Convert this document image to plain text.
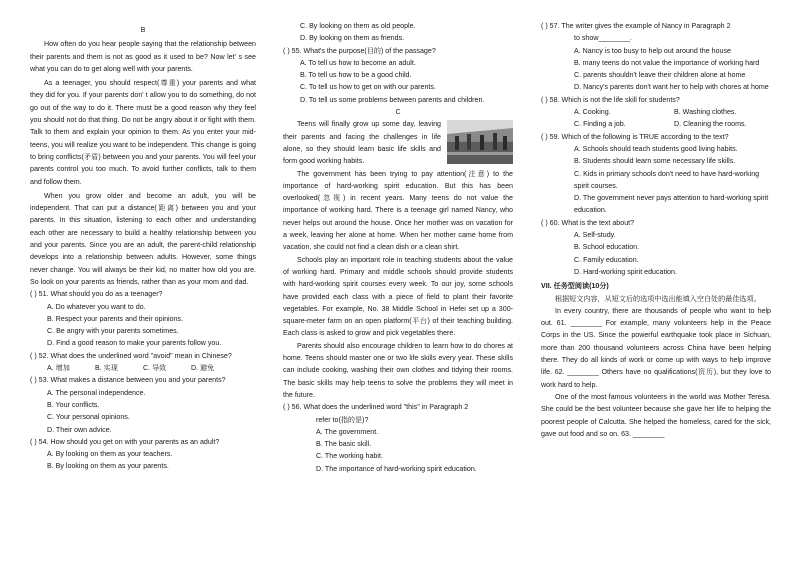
B
How often do you hear people saying that the relationship between their parents and them is not as good as it used to be? Now let' s see what you can do to get along well with your parents.
As a teenager, you should respect(尊重) your parents and what they did for you. If your parents don' t allow you to do something, do not go out of the way to do it. There must be a good reason why they feel you should not do that thing. Do not be angry about it or fight with them. Talk to them and explain your opinion to them. As you enter your mid-teens, you will realize you want to be independent. This change is going to bring conflicts(矛盾) between you and your parents. You will feel your parents control you too much. To avoid further conflicts, talk to them and follow them.
When you grow older and become an adult, you will be independent. That can put a distance(距离) between you and your parents. In this situation, listening to each other and understanding each other are necessary to build a healthy relationship between you and your parents. Since you are an adult, the parent-child relationship develops into a relationship between adults. However, some things never change. You will always be their kid, no matter how old you are. So look on your parents as friends, rather than as your mom and dad.
( ) 51. What should you do as a teenager?
A. Do whatever you want to do.
B. Respect your parents and their opinions.
C. Be angry with your parents sometimes.
D. Find a good reason to make your parents follow you.
( ) 52. What does the underlined word "avoid" mean in Chinese?
A. 增加	B. 实现	C. 导致	D. 避免
( ) 53. What makes a distance between you and your parents?
A. The personal independence.
B. Your conflicts.
C. Your personal opinions.
D. Their own advice.
( ) 54. How should you get on with your parents as an adult?
A. By looking on them as your teachers.
B. By looking on them as your parents.
C. By looking on them as old people.
D. By looking on them as friends.
( ) 55. What's the purpose(目的) of the passage?
A. To tell us how to become an adult.
B. To tell us how to be a good child.
C. To tell us how to get on with our parents.
D. To tell us some problems between parents and children.
C
Teens will finally grow up some day, leaving their parents and facing the challenges in life alone, so they should learn basic life skills and form good working habits.
The government has been trying to pay attention(注意) to the importance of hard-working spirit education. But this has been overlooked(忽视) in recent years. Many teens do not value the importance of working hard. There is a teenage girl named Nancy, who never helps out around the house. Once her mother was on vacation for a week, leaving her alone at home. When her mother came home from vacation, she could not find a clean dish or a clean shirt.
Schools play an important role in teaching students about the value of working hard. Primary and middle schools should provide students with hard-working spirit courses every week. To our joy, some schools have provided each class with a piece of field to plant their favorite vegetables. For example, No. 38 Middle School in Hefei set up a 300-square-meter farm on an open platform(平台) of their teaching building. Each class is asked to grow and pick vegetables there.
Parents should also encourage children to learn how to do chores at home. Teens should master one or two life skills every year. These skills can include cooking, washing their own clothes and tidying their rooms. The basic skills may help teens to solve the problems they will meet in the future.
( ) 56. What does the underlined word "this" in Paragraph 2
refer to(指的是)?
A. The government.
B. The basic skill.
C. The working habit.
D. The importance of hard-working spirit education.
( ) 57. The writer gives the example of Nancy in Paragraph 2
to show________.
A. Nancy is too busy to help out around the house
B. many teens do not value the importance of working hard
C. parents shouldn't leave their children alone at home
D. Nancy's parents don't want her to help with chores at home
( ) 58. Which is not the life skill for students?
A. Cooking.	B. Washing clothes.
C. Finding a job.	D. Cleaning the rooms.
( ) 59. Which of the following is TRUE according to the text?
A. Schools should teach students good living habits.
B. Students should learn some necessary life skills.
C. Kids in primary schools don't need to have hard-working spirit courses.
D. The government never pays attention to hard-working spirit education.
( ) 60. What is the text about?
A. Self-study.
B. School education.
C. Family education.
D. Hard-working spirit education.
VII. 任务型阅读(10分)
根据短文内容，从短文后的选项中选出能填入空白处的最佳选项。
In every country, there are thousands of people who want to help out. 61. ________ For example, many volunteers help in the Peace Corps in the US. Since the powerful earthquake took place in Sichuan, more than 200 thousand volunteers across China have been helping there. They do all kinds of work or come up with ways to help improve life. 62. ________ Others have no qualifications(资历), but they love to work hard to help.
One of the most famous volunteers in the world was Mother Teresa. She could be the best volunteer because she gave her life to helping the poorest people of Calcutta. She helped the homeless, cared for the sick, gave out food and so on. 63. ________
